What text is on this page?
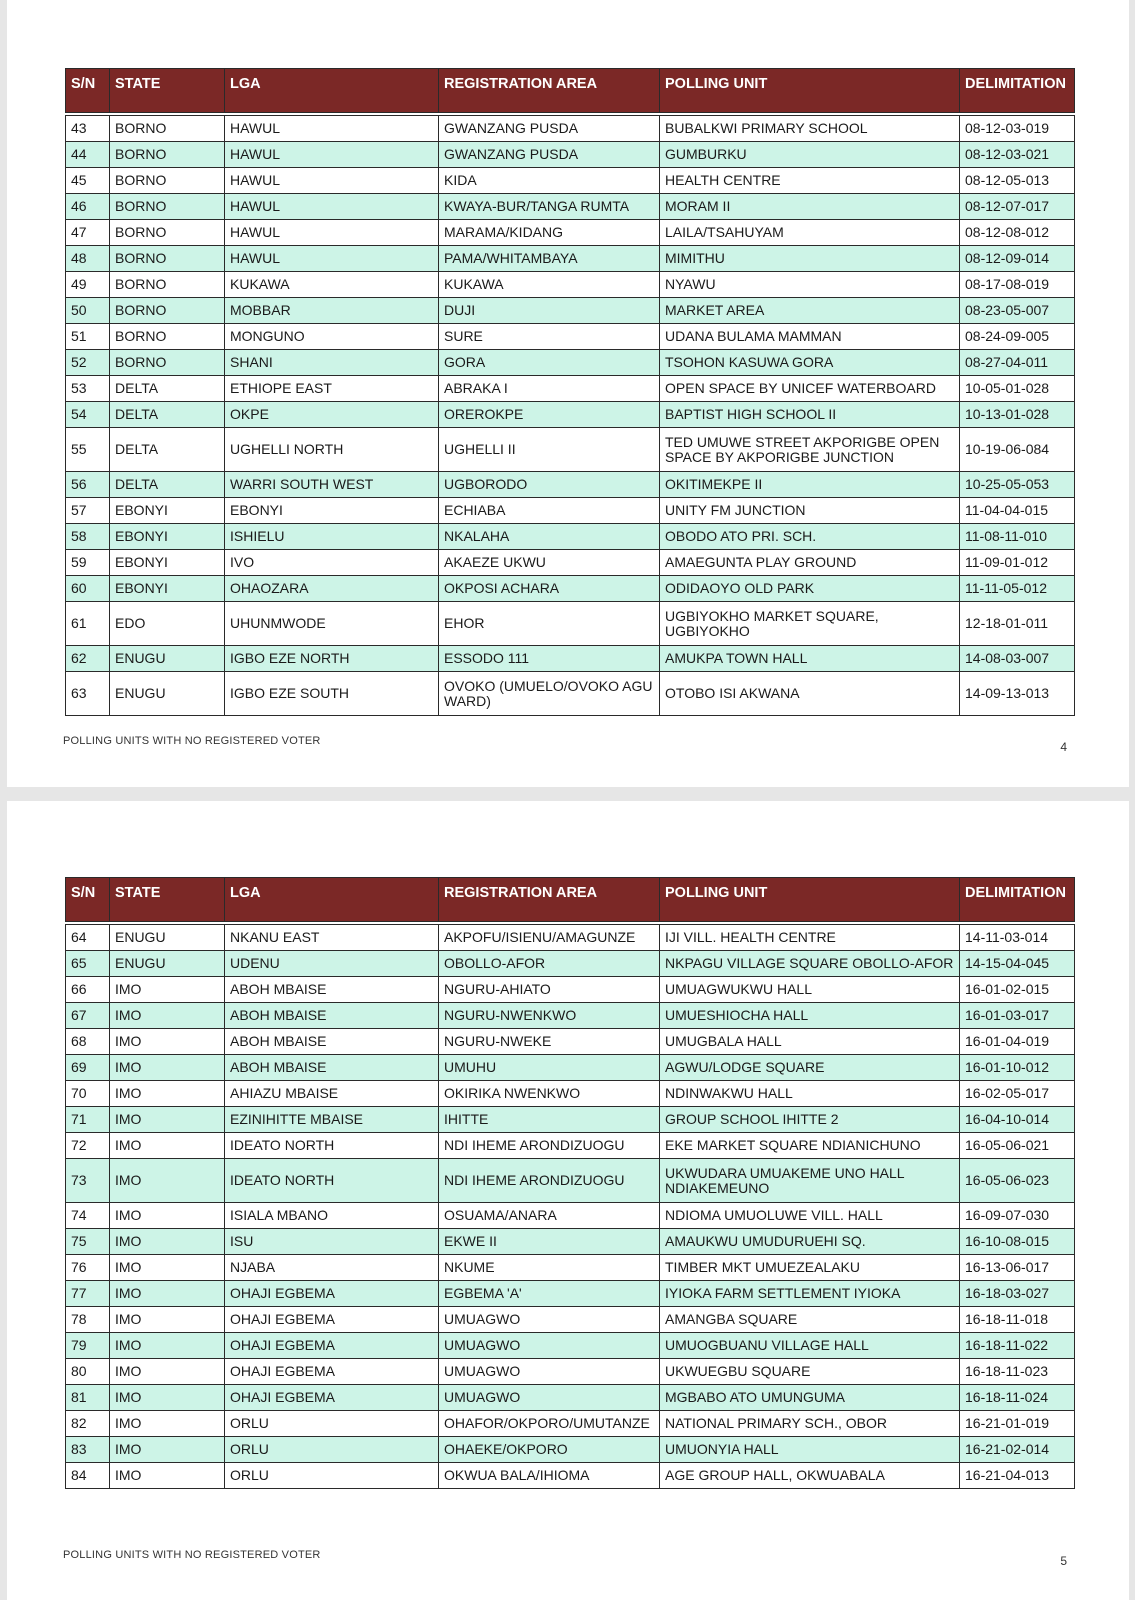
S/N	STATE	LGA	REGISTRATION AREA	POLLING UNIT	DELIMITATION

43	BORNO	HAWUL	GWANZANG PUSDA	BUBALKWI PRIMARY SCHOOL	08-12-03-019
44	BORNO	HAWUL	GWANZANG PUSDA	GUMBURKU	08-12-03-021
45	BORNO	HAWUL	KIDA	HEALTH CENTRE	08-12-05-013
46	BORNO	HAWUL	KWAYA-BUR/TANGA RUMTA	MORAM II	08-12-07-017
47	BORNO	HAWUL	MARAMA/KIDANG	LAILA/TSAHUYAM	08-12-08-012
48	BORNO	HAWUL	PAMA/WHITAMBAYA	MIMITHU	08-12-09-014
49	BORNO	KUKAWA	KUKAWA	NYAWU	08-17-08-019
50	BORNO	MOBBAR	DUJI	MARKET AREA	08-23-05-007
51	BORNO	MONGUNO	SURE	UDANA BULAMA MAMMAN	08-24-09-005
52	BORNO	SHANI	GORA	TSOHON KASUWA GORA	08-27-04-011
53	DELTA	ETHIOPE EAST	ABRAKA I	OPEN SPACE BY UNICEF WATERBOARD	10-05-01-028
54	DELTA	OKPE	OREROKPE	BAPTIST HIGH SCHOOL II	10-13-01-028
55	DELTA	UGHELLI NORTH	UGHELLI II	TED UMUWE STREET AKPORIGBE OPEN SPACE BY AKPORIGBE JUNCTION	10-19-06-084
56	DELTA	WARRI SOUTH WEST	UGBORODO	OKITIMEKPE II	10-25-05-053
57	EBONYI	EBONYI	ECHIABA	UNITY FM JUNCTION	11-04-04-015
58	EBONYI	ISHIELU	NKALAHA	OBODO ATO PRI. SCH.	11-08-11-010
59	EBONYI	IVO	AKAEZE UKWU	AMAEGUNTA PLAY GROUND	11-09-01-012
60	EBONYI	OHAOZARA	OKPOSI ACHARA	ODIDAOYO OLD PARK	11-11-05-012
61	EDO	UHUNMWODE	EHOR	UGBIYOKHO MARKET SQUARE, UGBIYOKHO	12-18-01-011
62	ENUGU	IGBO EZE NORTH	ESSODO 111	AMUKPA TOWN HALL	14-08-03-007
63	ENUGU	IGBO EZE SOUTH	OVOKO (UMUELO/OVOKO AGU WARD)	OTOBO ISI AKWANA	14-09-13-013
POLLING UNITS WITH NO REGISTERED VOTER	4
S/N	STATE	LGA	REGISTRATION AREA	POLLING UNIT	DELIMITATION

64	ENUGU	NKANU EAST	AKPOFU/ISIENU/AMAGUNZE	IJI VILL. HEALTH CENTRE	14-11-03-014
65	ENUGU	UDENU	OBOLLO-AFOR	NKPAGU VILLAGE SQUARE OBOLLO-AFOR	14-15-04-045
66	IMO	ABOH MBAISE	NGURU-AHIATO	UMUAGWUKWU HALL	16-01-02-015
67	IMO	ABOH MBAISE	NGURU-NWENKWO	UMUESHIOCHA HALL	16-01-03-017
68	IMO	ABOH MBAISE	NGURU-NWEKE	UMUGBALA HALL	16-01-04-019
69	IMO	ABOH MBAISE	UMUHU	AGWU/LODGE SQUARE	16-01-10-012
70	IMO	AHIAZU MBAISE	OKIRIKA NWENKWO	NDINWAKWU HALL	16-02-05-017
71	IMO	EZINIHITTE MBAISE	IHITTE	GROUP SCHOOL IHITTE 2	16-04-10-014
72	IMO	IDEATO NORTH	NDI IHEME ARONDIZUOGU	EKE MARKET SQUARE NDIANICHUNO	16-05-06-021
73	IMO	IDEATO NORTH	NDI IHEME ARONDIZUOGU	UKWUDARA UMUAKEME UNO HALL NDIAKEMEUNO	16-05-06-023
74	IMO	ISIALA MBANO	OSUAMA/ANARA	NDIOMA UMUOLUWE VILL. HALL	16-09-07-030
75	IMO	ISU	EKWE II	AMAUKWU UMUDURUEHI SQ.	16-10-08-015
76	IMO	NJABA	NKUME	TIMBER MKT UMUEZEALAKU	16-13-06-017
77	IMO	OHAJI EGBEMA	EGBEMA 'A'	IYIOKA FARM SETTLEMENT IYIOKA	16-18-03-027
78	IMO	OHAJI EGBEMA	UMUAGWO	AMANGBA SQUARE	16-18-11-018
79	IMO	OHAJI EGBEMA	UMUAGWO	UMUOGBUANU VILLAGE HALL	16-18-11-022
80	IMO	OHAJI EGBEMA	UMUAGWO	UKWUEGBU SQUARE	16-18-11-023
81	IMO	OHAJI EGBEMA	UMUAGWO	MGBABO ATO UMUNGUMA	16-18-11-024
82	IMO	ORLU	OHAFOR/OKPORO/UMUTANZE	NATIONAL PRIMARY SCH., OBOR	16-21-01-019
83	IMO	ORLU	OHAEKE/OKPORO	UMUONYIA HALL	16-21-02-014
84	IMO	ORLU	OKWUA BALA/IHIOMA	AGE GROUP HALL, OKWUABALA	16-21-04-013
POLLING UNITS WITH NO REGISTERED VOTER	5
